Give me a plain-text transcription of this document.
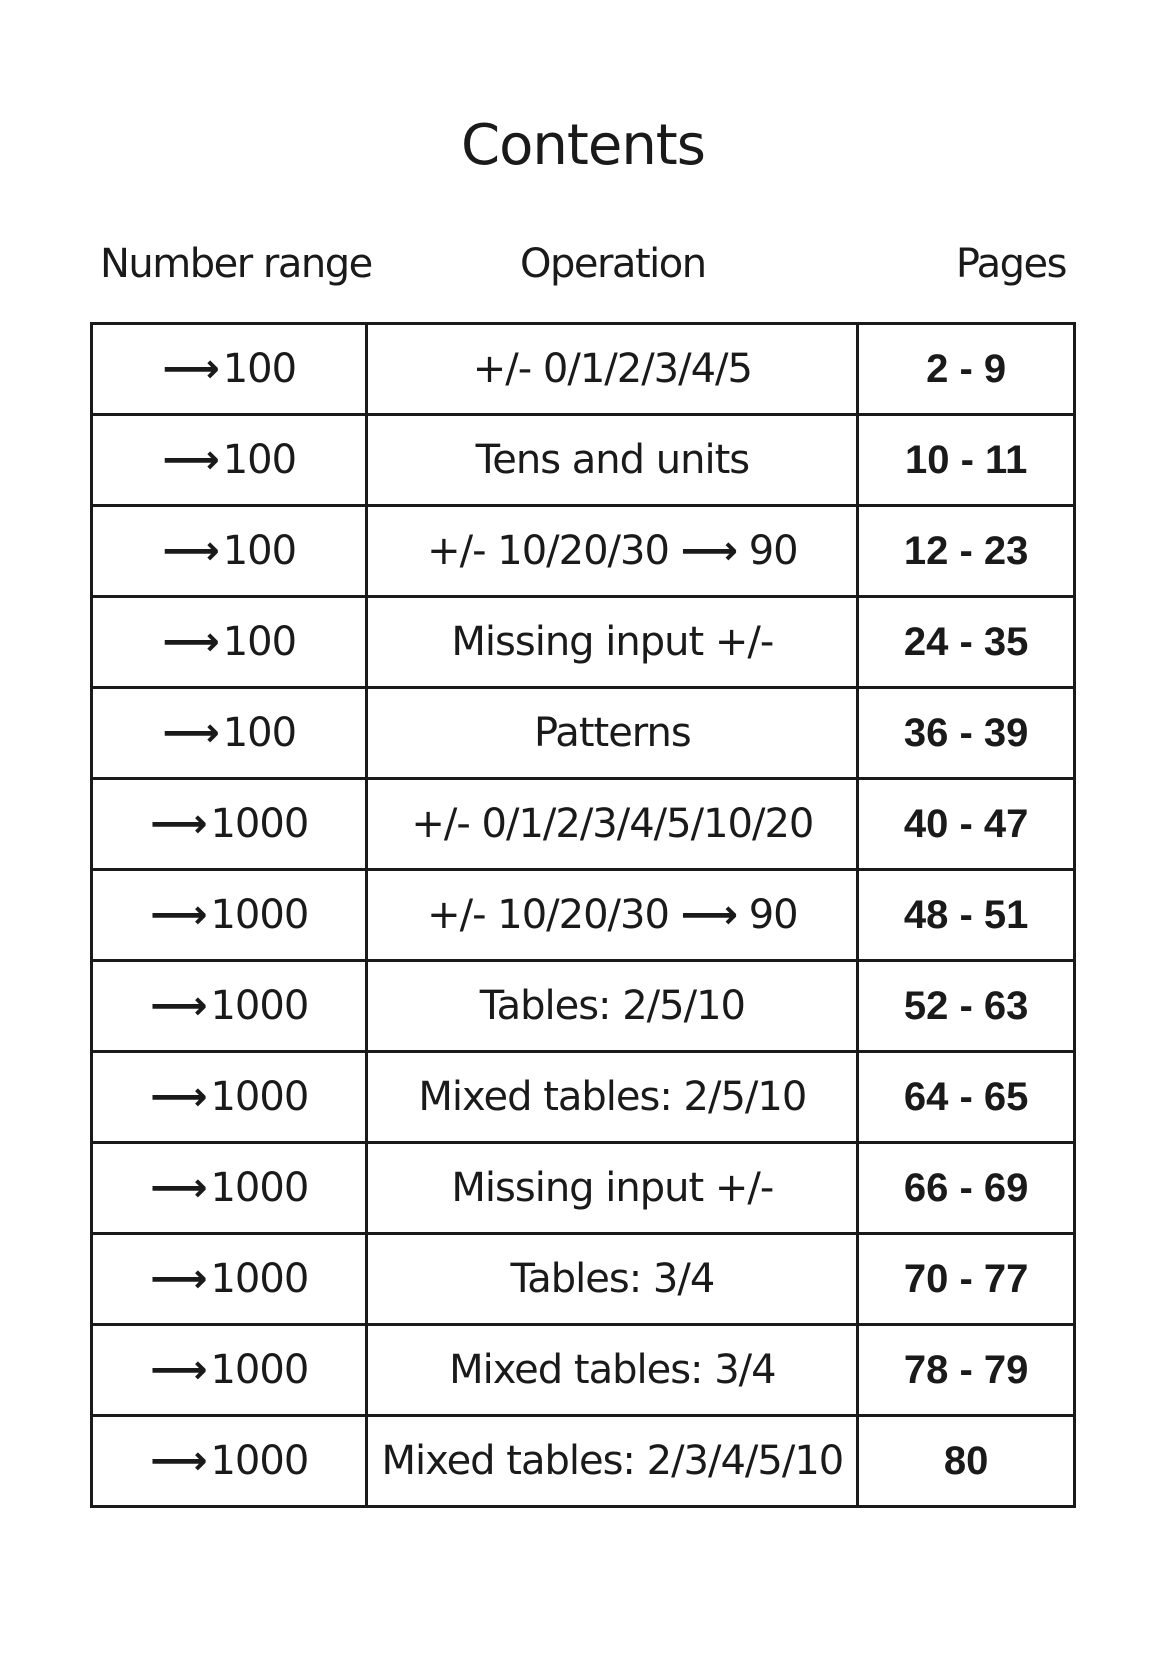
Contents
Number range	Operation	Pages
⟶ 100	+/- 0/1/2/3/4/5	2 - 9

⟶ 100	Tens and units	10 - 11

⟶ 100	+/- 10/20/30 ⟶ 90	12 - 23

⟶ 100	Missing input +/-	24 - 35

⟶ 100	Patterns	36 - 39

⟶ 1000	+/- 0/1/2/3/4/5/10/20	40 - 47

⟶ 1000	+/- 10/20/30 ⟶ 90	48 - 51

⟶ 1000	Tables: 2/5/10	52 - 63

⟶ 1000	Mixed tables: 2/5/10	64 - 65

⟶ 1000	Missing input +/-	66 - 69

⟶ 1000	Tables: 3/4	70 - 77

⟶ 1000	Mixed tables: 3/4	78 - 79

⟶ 1000	Mixed tables: 2/3/4/5/10	80
